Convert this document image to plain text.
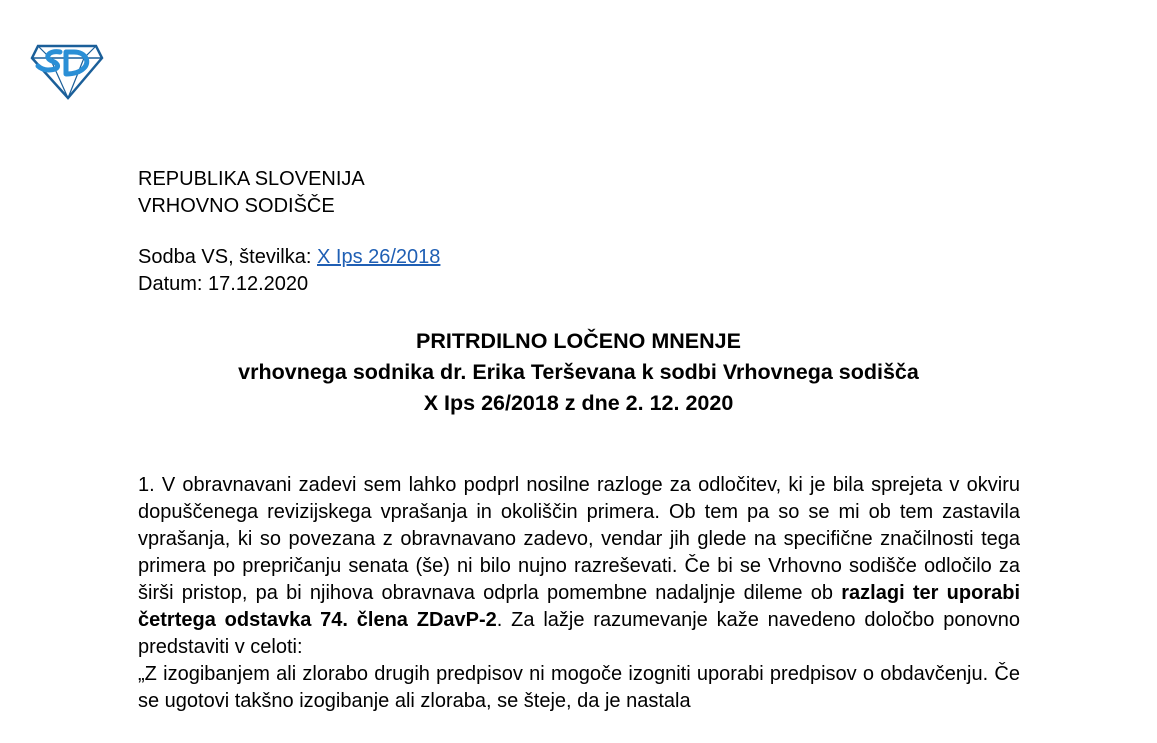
REPUBLIKA SLOVENIJA
VRHOVNO SODIŠČE
Sodba VS, številka: X Ips 26/2018
Datum: 17.12.2020
PRITRDILNO LOČENO MNENJE
vrhovnega sodnika dr. Erika Terševana k sodbi Vrhovnega sodišča
X Ips 26/2018 z dne 2. 12. 2020

1. V obravnavani zadevi sem lahko podprl nosilne razloge za odločitev, ki je bila sprejeta v okviru dopuščenega revizijskega vprašanja in okoliščin primera. Ob tem pa so se mi ob tem zastavila vprašanja, ki so povezana z obravnavano zadevo, vendar jih glede na specifične značilnosti tega primera po prepričanju senata (še) ni bilo nujno razreševati. Če bi se Vrhovno sodišče odločilo za širši pristop, pa bi njihova obravnava odprla pomembne nadaljnje dileme ob razlagi ter uporabi četrtega odstavka 74. člena ZDavP-2. Za lažje razumevanje kaže navedeno določbo ponovno predstaviti v celoti:

„Z izogibanjem ali zlorabo drugih predpisov ni mogoče izogniti uporabi predpisov o obdavčenju. Če se ugotovi takšno izogibanje ali zloraba, se šteje, da je nastala
